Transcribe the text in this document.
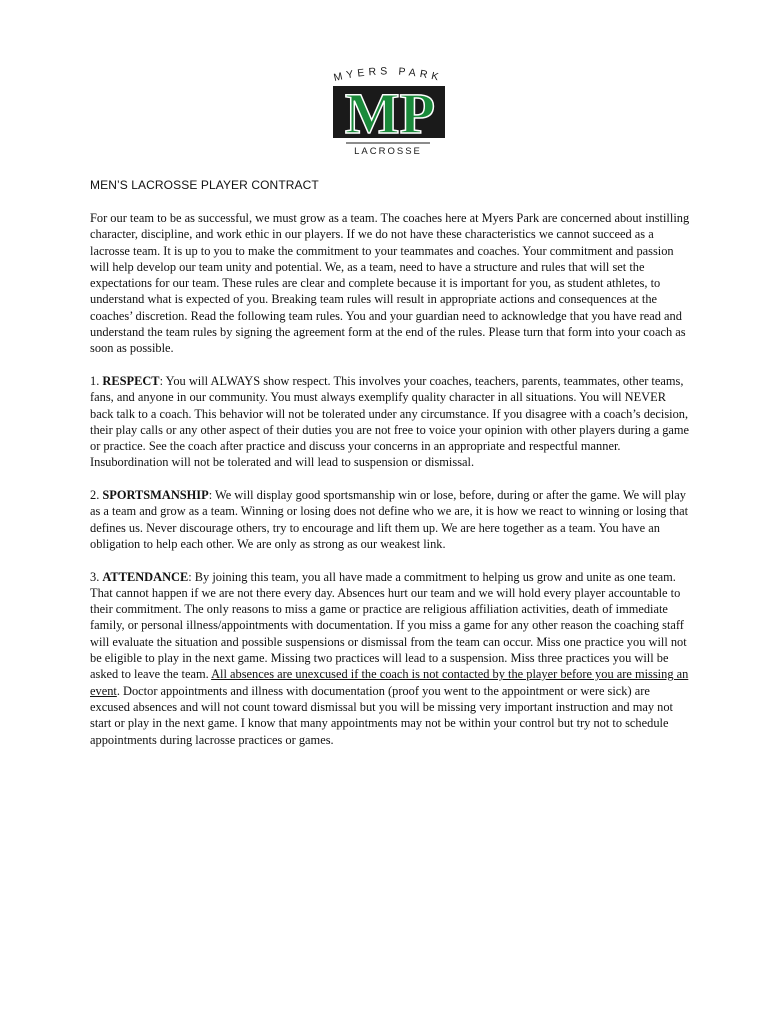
MYERS PARK
MP
LACROSSE
MEN’S LACROSSE PLAYER CONTRACT

For our team to be as successful, we must grow as a team. The coaches here at Myers Park are concerned about instilling character, discipline, and work ethic in our players. If we do not have these characteristics we cannot succeed as a lacrosse team. It is up to you to make the commitment to your teammates and coaches. Your commitment and passion will help develop our team unity and potential. We, as a team, need to have a structure and rules that will set the expectations for our team. These rules are clear and complete because it is important for you, as student athletes, to understand what is expected of you. Breaking team rules will result in appropriate actions and consequences at the coaches’ discretion. Read the following team rules. You and your guardian need to acknowledge that you have read and understand the team rules by signing the agreement form at the end of the rules. Please turn that form into your coach as soon as possible.

1. RESPECT: You will ALWAYS show respect. This involves your coaches, teachers, parents, teammates, other teams, fans, and anyone in our community. You must always exemplify quality character in all situations. You will NEVER back talk to a coach. This behavior will not be tolerated under any circumstance. If you disagree with a coach’s decision, their play calls or any other aspect of their duties you are not free to voice your opinion with other players during a game or practice. See the coach after practice and discuss your concerns in an appropriate and respectful manner. Insubordination will not be tolerated and will lead to suspension or dismissal.

2. SPORTSMANSHIP: We will display good sportsmanship win or lose, before, during or after the game. We will play as a team and grow as a team. Winning or losing does not define who we are, it is how we react to winning or losing that defines us. Never discourage others, try to encourage and lift them up. We are here together as a team. You have an obligation to help each other. We are only as strong as our weakest link.

3. ATTENDANCE: By joining this team, you all have made a commitment to helping us grow and unite as one team. That cannot happen if we are not there every day. Absences hurt our team and we will hold every player accountable to their commitment. The only reasons to miss a game or practice are religious affiliation activities, death of immediate family, or personal illness/appointments with documentation. If you miss a game for any other reason the coaching staff will evaluate the situation and possible suspensions or dismissal from the team can occur. Miss one practice you will not be eligible to play in the next game. Missing two practices will lead to a suspension. Miss three practices you will be asked to leave the team. All absences are unexcused if the coach is not contacted by the player before you are missing an event. Doctor appointments and illness with documentation (proof you went to the appointment or were sick) are excused absences and will not count toward dismissal but you will be missing very important instruction and may not start or play in the next game. I know that many appointments may not be within your control but try not to schedule appointments during lacrosse practices or games.
